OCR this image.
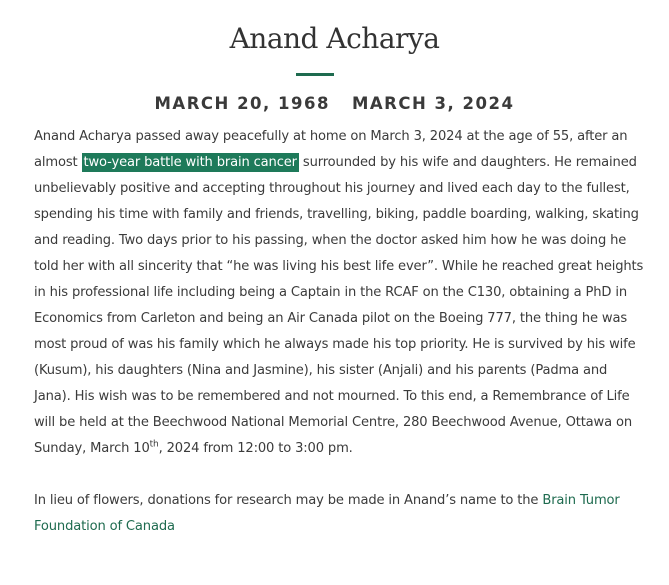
Anand Acharya
MARCH 20, 1968 MARCH 3, 2024

Anand Acharya passed away peacefully at home on March 3, 2024 at the age of 55, after an almost two-year battle with brain cancer surrounded by his wife and daughters. He remained unbelievably positive and accepting throughout his journey and lived each day to the fullest, spending his time with family and friends, travelling, biking, paddle boarding, walking, skating and reading. Two days prior to his passing, when the doctor asked him how he was doing he told her with all sincerity that “he was living his best life ever”. While he reached great heights in his professional life including being a Captain in the RCAF on the C130, obtaining a PhD in Economics from Carleton and being an Air Canada pilot on the Boeing 777, the thing he was most proud of was his family which he always made his top priority. He is survived by his wife (Kusum), his daughters (Nina and Jasmine), his sister (Anjali) and his parents (Padma and Jana). His wish was to be remembered and not mourned. To this end, a Remembrance of Life will be held at the Beechwood National Memorial Centre, 280 Beechwood Avenue, Ottawa on Sunday, March 10th, 2024 from 12:00 to 3:00 pm.

In lieu of flowers, donations for research may be made in Anand’s name to the Brain Tumor Foundation of Canada
